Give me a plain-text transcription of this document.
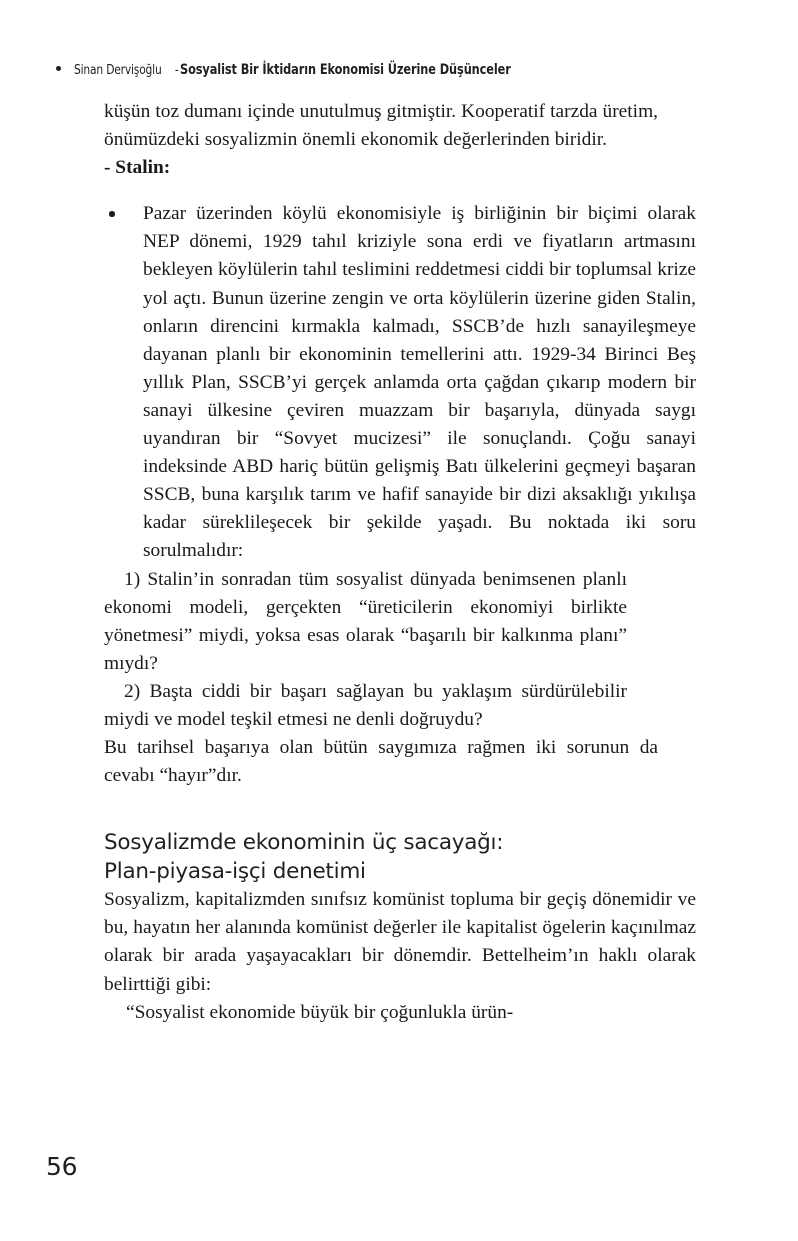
Sinan Dervişoğlu - Sosyalist Bir İktidarın Ekonomisi Üzerine Düşünceler

küşün toz dumanı içinde unutulmuş gitmiştir. Kooperatif tarzda üretim, önümüzdeki sosyalizmin önemli ekonomik değerlerinden biridir.

- Stalin:

Pazar üzerinden köylü ekonomisiyle iş birliğinin bir biçimi olarak NEP dönemi, 1929 tahıl kriziyle sona erdi ve fiyatların artmasını bekleyen köylülerin tahıl teslimini reddetmesi ciddi bir toplumsal krize yol açtı. Bunun üzerine zengin ve orta köylülerin üzerine giden Stalin, onların direncini kırmakla kalmadı, SSCB’de hızlı sanayileşmeye dayanan planlı bir ekonominin temellerini attı. 1929-34 Birinci Beş yıllık Plan, SSCB’yi gerçek anlamda orta çağdan çıkarıp modern bir sanayi ülkesine çeviren muazzam bir başarıyla, dünyada saygı uyandıran bir “Sovyet mucizesi” ile sonuçlandı. Çoğu sanayi indeksinde ABD hariç bütün gelişmiş Batı ülkelerini geçmeyi başaran SSCB, buna karşılık tarım ve hafif sanayide bir dizi aksaklığı yıkılışa kadar süreklileşecek bir şekilde yaşadı. Bu noktada iki soru sorulmalıdır:

1) Stalin’in sonradan tüm sosyalist dünyada benimsenen planlı ekonomi modeli, gerçekten “üreticilerin ekonomiyi birlikte yönetmesi” miydi, yoksa esas olarak “başarılı bir kalkınma planı” mıydı?

2) Başta ciddi bir başarı sağlayan bu yaklaşım sürdürülebilir miydi ve model teşkil etmesi ne denli doğruydu?

Bu tarihsel başarıya olan bütün saygımıza rağmen iki sorunun da cevabı “hayır”dır.

Sosyalizmde ekonominin üç sacayağı:
Plan-piyasa-işçi denetimi

Sosyalizm, kapitalizmden sınıfsız komünist topluma bir geçiş dönemidir ve bu, hayatın her alanında komünist değerler ile kapitalist ögelerin kaçınılmaz olarak bir arada yaşayacakları bir dönemdir. Bettelheim’ın haklı olarak belirttiği gibi:

“Sosyalist ekonomide büyük bir çoğunlukla ürün-

56
